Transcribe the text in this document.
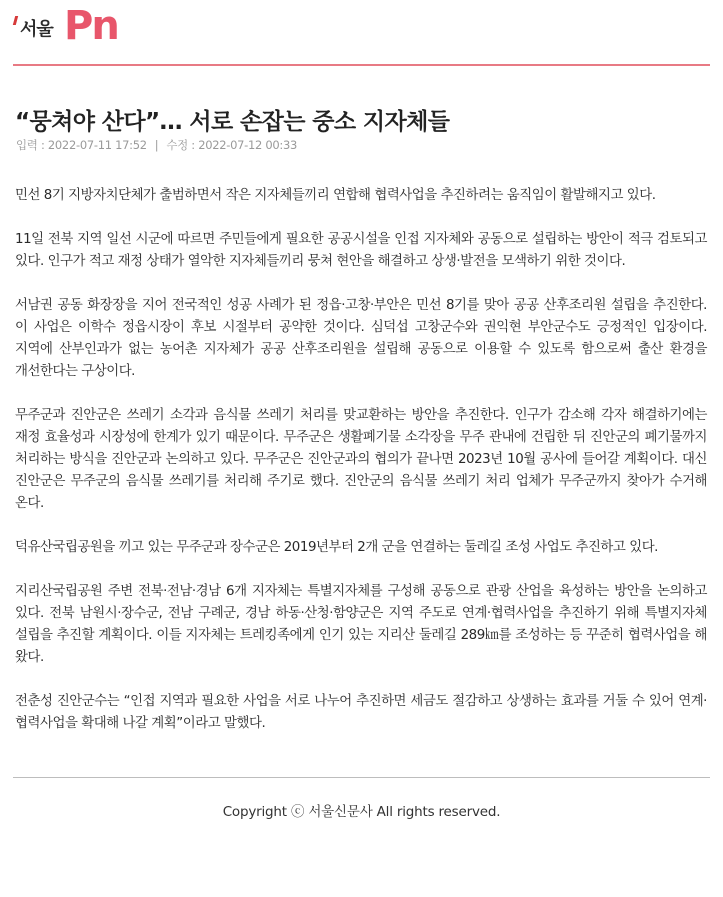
서울 Pn
“뭉쳐야 산다”… 서로 손잡는 중소 지자체들
입력 : 2022-07-11 17:52 | 수정 : 2022-07-12 00:33

민선 8기 지방자치단체가 출범하면서 작은 지자체들끼리 연합해 협력사업을 추진하려는 움직임이 활발해지고 있다.

11일 전북 지역 일선 시군에 따르면 주민들에게 필요한 공공시설을 인접 지자체와 공동으로 설립하는 방안이 적극 검토되고 있다. 인구가 적고 재정 상태가 열악한 지자체들끼리 뭉쳐 현안을 해결하고 상생·발전을 모색하기 위한 것이다.

서남권 공동 화장장을 지어 전국적인 성공 사례가 된 정읍·고창·부안은 민선 8기를 맞아 공공 산후조리원 설립을 추진한다. 이 사업은 이학수 정읍시장이 후보 시절부터 공약한 것이다. 심덕섭 고창군수와 권익현 부안군수도 긍정적인 입장이다. 지역에 산부인과가 없는 농어촌 지자체가 공공 산후조리원을 설립해 공동으로 이용할 수 있도록 함으로써 출산 환경을 개선한다는 구상이다.

무주군과 진안군은 쓰레기 소각과 음식물 쓰레기 처리를 맞교환하는 방안을 추진한다. 인구가 감소해 각자 해결하기에는 재정 효율성과 시장성에 한계가 있기 때문이다. 무주군은 생활폐기물 소각장을 무주 관내에 건립한 뒤 진안군의 폐기물까지 처리하는 방식을 진안군과 논의하고 있다. 무주군은 진안군과의 협의가 끝나면 2023년 10월 공사에 들어갈 계획이다. 대신 진안군은 무주군의 음식물 쓰레기를 처리해 주기로 했다. 진안군의 음식물 쓰레기 처리 업체가 무주군까지 찾아가 수거해 온다.

덕유산국립공원을 끼고 있는 무주군과 장수군은 2019년부터 2개 군을 연결하는 둘레길 조성 사업도 추진하고 있다.

지리산국립공원 주변 전북·전남·경남 6개 지자체는 특별지자체를 구성해 공동으로 관광 산업을 육성하는 방안을 논의하고 있다. 전북 남원시·장수군, 전남 구례군, 경남 하동·산청·함양군은 지역 주도로 연계·협력사업을 추진하기 위해 특별지자체 설립을 추진할 계획이다. 이들 지자체는 트레킹족에게 인기 있는 지리산 둘레길 289㎞를 조성하는 등 꾸준히 협력사업을 해 왔다.

전춘성 진안군수는 “인접 지역과 필요한 사업을 서로 나누어 추진하면 세금도 절감하고 상생하는 효과를 거둘 수 있어 연계·협력사업을 확대해 나갈 계획”이라고 말했다.

Copyright ⓒ 서울신문사 All rights reserved.
